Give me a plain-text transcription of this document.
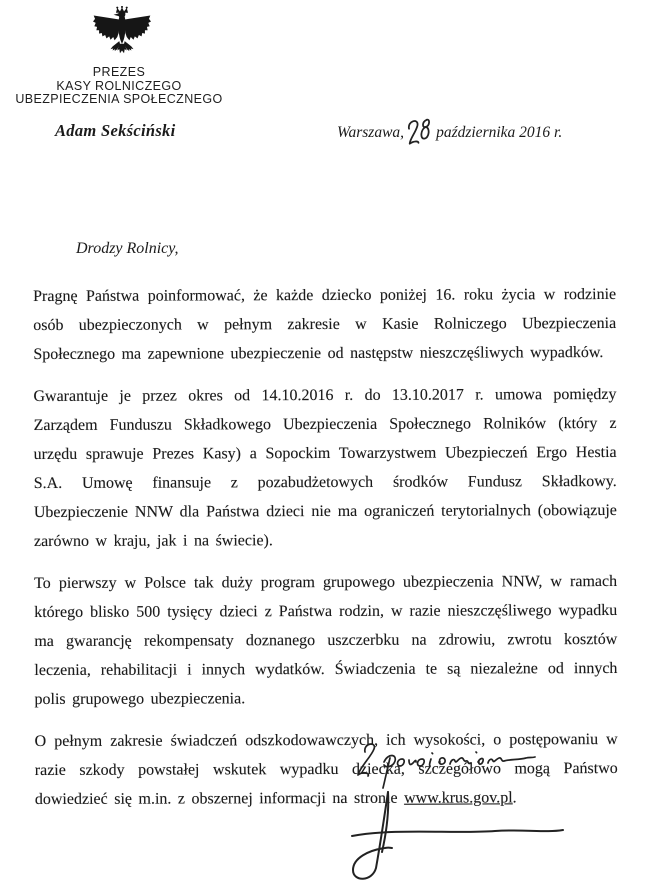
PREZES
KASY ROLNICZEGO
UBEZPIECZENIA SPOŁECZNEGO
Adam Sekściński	Warszawa, października 2016 r.
Drodzy Rolnicy,

Pragnę Państwa poinformować, że każde dziecko poniżej 16. roku życia w rodzinie osób ubezpieczonych w pełnym zakresie w Kasie Rolniczego Ubezpieczenia Społecznego ma zapewnione ubezpieczenie od następstw nieszczęśliwych wypadków.

Gwarantuje je przez okres od 14.10.2016 r. do 13.10.2017 r. umowa pomiędzy Zarządem Funduszu Składkowego Ubezpieczenia Społecznego Rolników (który z urzędu sprawuje Prezes Kasy) a Sopockim Towarzystwem Ubezpieczeń Ergo Hestia S.A. Umowę finansuje z pozabudżetowych środków Fundusz Składkowy. Ubezpieczenie NNW dla Państwa dzieci nie ma ograniczeń terytorialnych (obowiązuje zarówno w kraju, jak i na świecie).

To pierwszy w Polsce tak duży program grupowego ubezpieczenia NNW, w ramach którego blisko 500 tysięcy dzieci z Państwa rodzin, w razie nieszczęśliwego wypadku ma gwarancję rekompensaty doznanego uszczerbku na zdrowiu, zwrotu kosztów leczenia, rehabilitacji i innych wydatków. Świadczenia te są niezależne od innych polis grupowego ubezpieczenia.

O pełnym zakresie świadczeń odszkodowawczych, ich wysokości, o postępowaniu w razie szkody powstałej wskutek wypadku dziecka, szczegółowo mogą Państwo dowiedzieć się m.in. z obszernej informacji na stronie www.krus.gov.pl.
